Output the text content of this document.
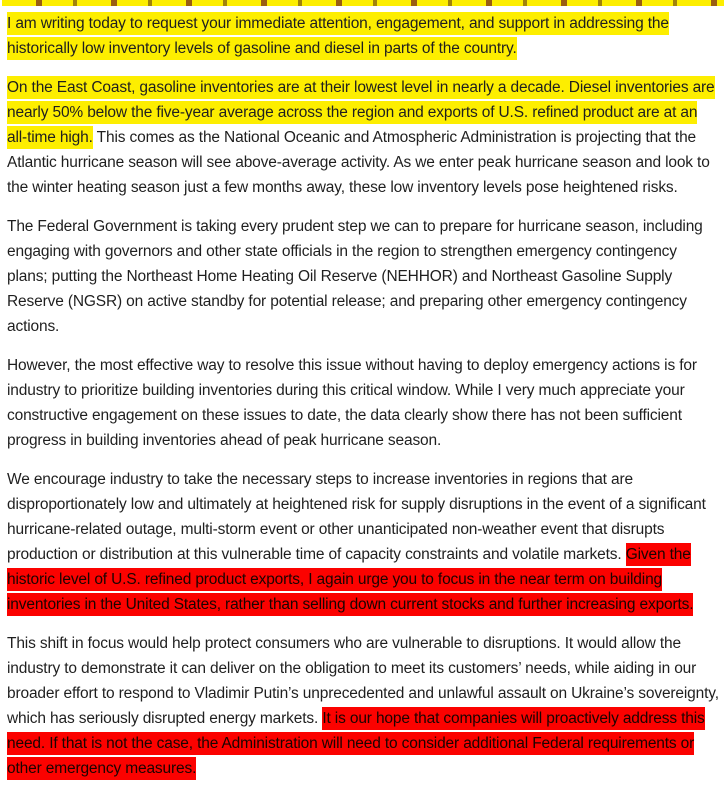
I am writing today to request your immediate attention, engagement, and support in addressing the historically low inventory levels of gasoline and diesel in parts of the country.

On the East Coast, gasoline inventories are at their lowest level in nearly a decade. Diesel inventories are nearly 50% below the five-year average across the region and exports of U.S. refined product are at an all-time high. This comes as the National Oceanic and Atmospheric Administration is projecting that the Atlantic hurricane season will see above-average activity. As we enter peak hurricane season and look to the winter heating season just a few months away, these low inventory levels pose heightened risks.

The Federal Government is taking every prudent step we can to prepare for hurricane season, including engaging with governors and other state officials in the region to strengthen emergency contingency plans; putting the Northeast Home Heating Oil Reserve (NEHHOR) and Northeast Gasoline Supply Reserve (NGSR) on active standby for potential release; and preparing other emergency contingency actions.

However, the most effective way to resolve this issue without having to deploy emergency actions is for industry to prioritize building inventories during this critical window. While I very much appreciate your constructive engagement on these issues to date, the data clearly show there has not been sufficient progress in building inventories ahead of peak hurricane season.

We encourage industry to take the necessary steps to increase inventories in regions that are disproportionately low and ultimately at heightened risk for supply disruptions in the event of a significant hurricane-related outage, multi-storm event or other unanticipated non-weather event that disrupts production or distribution at this vulnerable time of capacity constraints and volatile markets. Given the historic level of U.S. refined product exports, I again urge you to focus in the near term on building inventories in the United States, rather than selling down current stocks and further increasing exports.

This shift in focus would help protect consumers who are vulnerable to disruptions. It would allow the industry to demonstrate it can deliver on the obligation to meet its customers’ needs, while aiding in our broader effort to respond to Vladimir Putin’s unprecedented and unlawful assault on Ukraine’s sovereignty, which has seriously disrupted energy markets. It is our hope that companies will proactively address this need. If that is not the case, the Administration will need to consider additional Federal requirements or other emergency measures.
